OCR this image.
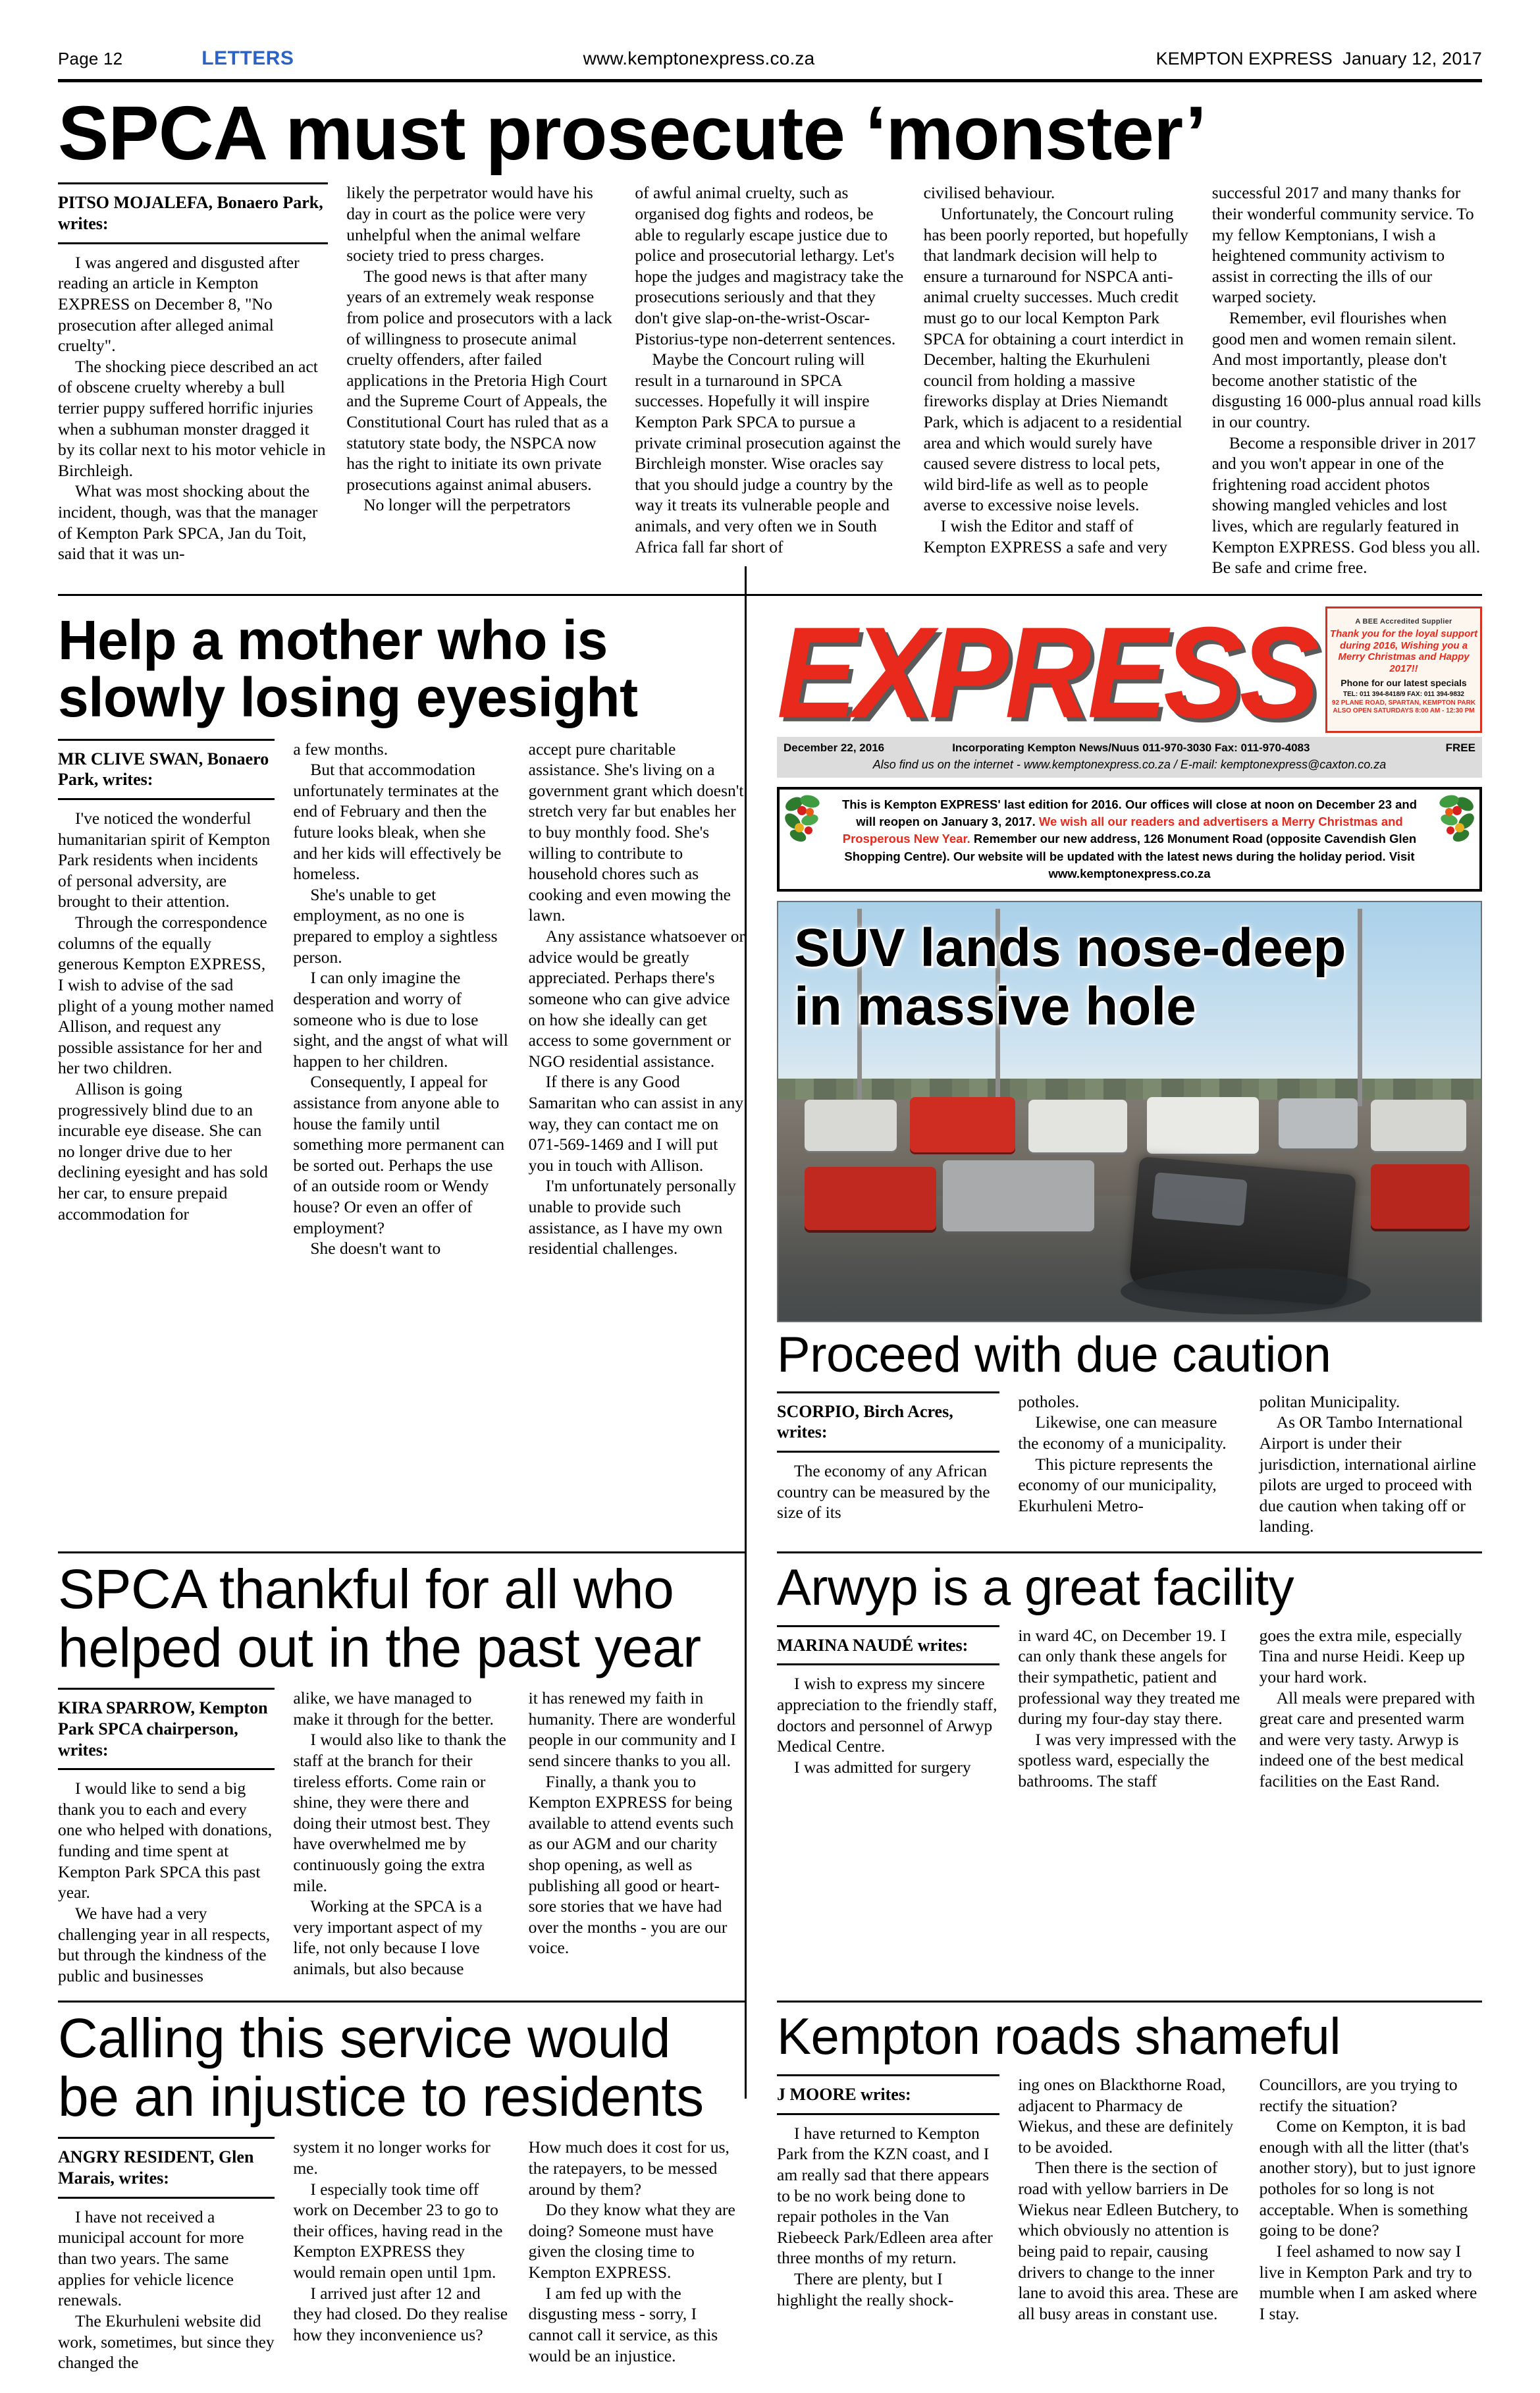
Page 12	LETTERS	www.kemptonexpress.co.za	KEMPTON EXPRESS January 12, 2017
SPCA must prosecute ‘monster’
PITSO MOJALEFA, Bonaero Park, writes:

I was angered and disgusted after reading an article in Kempton EXPRESS on December 8, "No prosecution after alleged animal cruelty".

The shocking piece described an act of obscene cruelty whereby a bull terrier puppy suffered horrific injuries when a subhuman monster dragged it by its collar next to his motor vehicle in Birchleigh.

What was most shocking about the incident, though, was that the manager of Kempton Park SPCA, Jan du Toit, said that it was un-

likely the perpetrator would have his day in court as the police were very unhelpful when the animal welfare society tried to press charges.

The good news is that after many years of an extremely weak response from police and prosecutors with a lack of willingness to prosecute animal cruelty offenders, after failed applications in the Pretoria High Court and the Supreme Court of Appeals, the Constitutional Court has ruled that as a statutory state body, the NSPCA now has the right to initiate its own private prosecutions against animal abusers.

No longer will the perpetrators

of awful animal cruelty, such as organised dog fights and rodeos, be able to regularly escape justice due to police and prosecutorial lethargy. Let's hope the judges and magistracy take the prosecutions seriously and that they don't give slap-on-the-wrist-Oscar-Pistorius-type non-deterrent sentences.

Maybe the Concourt ruling will result in a turnaround in SPCA successes. Hopefully it will inspire Kempton Park SPCA to pursue a private criminal prosecution against the Birchleigh monster. Wise oracles say that you should judge a country by the way it treats its vulnerable people and animals, and very often we in South Africa fall far short of

civilised behaviour.

Unfortunately, the Concourt ruling has been poorly reported, but hopefully that landmark decision will help to ensure a turnaround for NSPCA anti-animal cruelty successes. Much credit must go to our local Kempton Park SPCA for obtaining a court interdict in December, halting the Ekurhuleni council from holding a massive fireworks display at Dries Niemandt Park, which is adjacent to a residential area and which would surely have caused severe distress to local pets, wild bird-life as well as to people averse to excessive noise levels.

I wish the Editor and staff of Kempton EXPRESS a safe and very

successful 2017 and many thanks for their wonderful community service. To my fellow Kemptonians, I wish a heightened community activism to assist in correcting the ills of our warped society.

Remember, evil flourishes when good men and women remain silent. And most importantly, please don't become another statistic of the disgusting 16 000-plus annual road kills in our country.

Become a responsible driver in 2017 and you won't appear in one of the frightening road accident photos showing mangled vehicles and lost lives, which are regularly featured in Kempton EXPRESS. God bless you all. Be safe and crime free.

Help a mother who is
slowly losing eyesight
MR CLIVE SWAN, Bonaero Park, writes:

I've noticed the wonderful humanitarian spirit of Kempton Park residents when incidents of personal adversity, are brought to their attention.

Through the correspondence columns of the equally generous Kempton EXPRESS, I wish to advise of the sad plight of a young mother named Allison, and request any possible assistance for her and her two children.

Allison is going progressively blind due to an incurable eye disease. She can no longer drive due to her declining eyesight and has sold her car, to ensure prepaid accommodation for

a few months.

But that accommodation unfortunately terminates at the end of February and then the future looks bleak, when she and her kids will effectively be homeless.

She's unable to get employment, as no one is prepared to employ a sightless person.

I can only imagine the desperation and worry of someone who is due to lose sight, and the angst of what will happen to her children.

Consequently, I appeal for assistance from anyone able to house the family until something more permanent can be sorted out. Perhaps the use of an outside room or Wendy house? Or even an offer of employment?

She doesn't want to

accept pure charitable assistance. She's living on a government grant which doesn't stretch very far but enables her to buy monthly food. She's willing to contribute to household chores such as cooking and even mowing the lawn.

Any assistance whatsoever or advice would be greatly appreciated. Perhaps there's someone who can give advice on how she ideally can get access to some government or NGO residential assistance.

If there is any Good Samaritan who can assist in any way, they can contact me on 071-569-1469 and I will put you in touch with Allison.

I'm unfortunately personally unable to provide such assistance, as I have my own residential challenges.

EXPRESS	A BEE Accredited Supplier
Thank you for the loyal support during 2016, Wishing you a Merry Christmas and Happy 2017!!
Phone for our latest specials
TEL: 011 394-8418/9 FAX: 011 394-9832
92 PLANE ROAD, SPARTAN, KEMPTON PARK ALSO OPEN SATURDAYS 8:00 AM - 12:30 PM
December 22, 2016	Incorporating Kempton News/Nuus 011-970-3030 Fax: 011-970-4083	FREE
Also find us on the internet - www.kemptonexpress.co.za / E-mail: kemptonexpress@caxton.co.za
This is Kempton EXPRESS' last edition for 2016. Our offices will close at noon on December 23 and will reopen on January 3, 2017. We wish all our readers and advertisers a Merry Christmas and Prosperous New Year. Remember our new address, 126 Monument Road (opposite Cavendish Glen Shopping Centre). Our website will be updated with the latest news during the holiday period. Visit www.kemptonexpress.co.za
SUV lands nose-deep
in massive hole
Proceed with due caution
SCORPIO, Birch Acres, writes:

The economy of any African country can be measured by the size of its

potholes.

Likewise, one can measure the economy of a municipality.

This picture represents the economy of our municipality, Ekurhuleni Metro-

politan Municipality.

As OR Tambo International Airport is under their jurisdiction, international airline pilots are urged to proceed with due caution when taking off or landing.

SPCA thankful for all who
helped out in the past year
KIRA SPARROW, Kempton Park SPCA chairperson, writes:

I would like to send a big thank you to each and every one who helped with donations, funding and time spent at Kempton Park SPCA this past year.

We have had a very challenging year in all respects, but through the kindness of the public and businesses

alike, we have managed to make it through for the better.

I would also like to thank the staff at the branch for their tireless efforts. Come rain or shine, they were there and doing their utmost best. They have overwhelmed me by continuously going the extra mile.

Working at the SPCA is a very important aspect of my life, not only because I love animals, but also because

it has renewed my faith in humanity. There are wonderful people in our community and I send sincere thanks to you all.

Finally, a thank you to Kempton EXPRESS for being available to attend events such as our AGM and our charity shop opening, as well as publishing all good or heart-sore stories that we have had over the months - you are our voice.

Arwyp is a great facility
MARINA NAUDÉ writes:

I wish to express my sincere appreciation to the friendly staff, doctors and personnel of Arwyp Medical Centre.

I was admitted for surgery

in ward 4C, on December 19. I can only thank these angels for their sympathetic, patient and professional way they treated me during my four-day stay there.

I was very impressed with the spotless ward, especially the bathrooms. The staff

goes the extra mile, especially Tina and nurse Heidi. Keep up your hard work.

All meals were prepared with great care and presented warm and were very tasty. Arwyp is indeed one of the best medical facilities on the East Rand.

Calling this service would
be an injustice to residents
ANGRY RESIDENT, Glen Marais, writes:

I have not received a municipal account for more than two years. The same applies for vehicle licence renewals.

The Ekurhuleni website did work, sometimes, but since they changed the

system it no longer works for me.

I especially took time off work on December 23 to go to their offices, having read in the Kempton EXPRESS they would remain open until 1pm.

I arrived just after 12 and they had closed. Do they realise how they inconvenience us?

How much does it cost for us, the ratepayers, to be messed around by them?

Do they know what they are doing? Someone must have given the closing time to Kempton EXPRESS.

I am fed up with the disgusting mess - sorry, I cannot call it service, as this would be an injustice.

Kempton roads shameful
J MOORE writes:

I have returned to Kempton Park from the KZN coast, and I am really sad that there appears to be no work being done to repair potholes in the Van Riebeeck Park/Edleen area after three months of my return.

There are plenty, but I highlight the really shock-

ing ones on Blackthorne Road, adjacent to Pharmacy de Wiekus, and these are definitely to be avoided.

Then there is the section of road with yellow barriers in De Wiekus near Edleen Butchery, to which obviously no attention is being paid to repair, causing drivers to change to the inner lane to avoid this area. These are all busy areas in constant use.

Councillors, are you trying to rectify the situation?

Come on Kempton, it is bad enough with all the litter (that's another story), but to just ignore potholes for so long is not acceptable. When is something going to be done?

I feel ashamed to now say I live in Kempton Park and try to mumble when I am asked where I stay.
